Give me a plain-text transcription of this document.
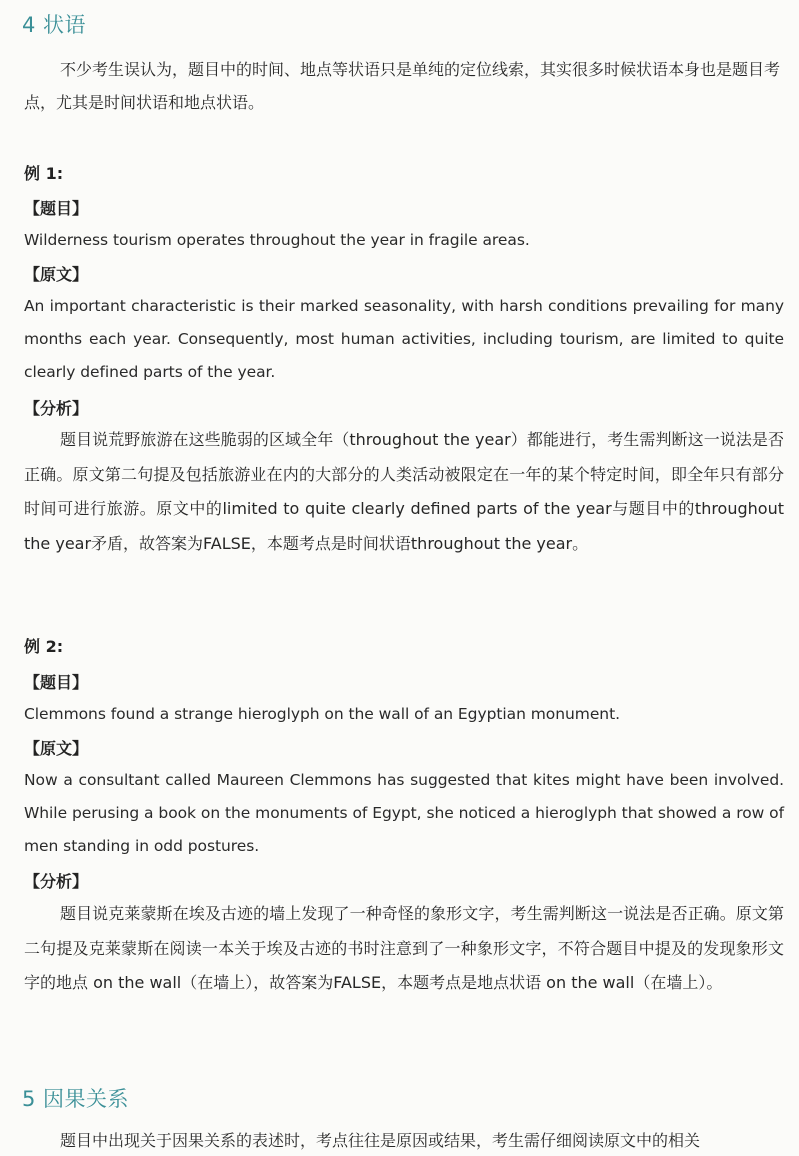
4 状语

不少考生误认为，题目中的时间、地点等状语只是单纯的定位线索，其实很多时候状语本身也是题目考点，尤其是时间状语和地点状语。

例 1:
【题目】

Wilderness tourism operates throughout the year in fragile areas.

【原文】

An important characteristic is their marked seasonality, with harsh conditions prevailing for many months each year. Consequently, most human activities, including tourism, are limited to quite clearly defined parts of the year.

【分析】

题目说荒野旅游在这些脆弱的区域全年（throughout the year）都能进行，考生需判断这一说法是否正确。原文第二句提及包括旅游业在内的大部分的人类活动被限定在一年的某个特定时间，即全年只有部分时间可进行旅游。原文中的limited to quite clearly defined parts of the year与题目中的throughout the year矛盾，故答案为FALSE，本题考点是时间状语throughout the year。

例 2:
【题目】

Clemmons found a strange hieroglyph on the wall of an Egyptian monument.

【原文】

Now a consultant called Maureen Clemmons has suggested that kites might have been involved. While perusing a book on the monuments of Egypt, she noticed a hieroglyph that showed a row of men standing in odd postures.

【分析】

题目说克莱蒙斯在埃及古迹的墙上发现了一种奇怪的象形文字，考生需判断这一说法是否正确。原文第二句提及克莱蒙斯在阅读一本关于埃及古迹的书时注意到了一种象形文字，不符合题目中提及的发现象形文字的地点 on the wall（在墙上），故答案为FALSE，本题考点是地点状语 on the wall（在墙上）。

5 因果关系

题目中出现关于因果关系的表述时，考点往往是原因或结果，考生需仔细阅读原文中的相关
